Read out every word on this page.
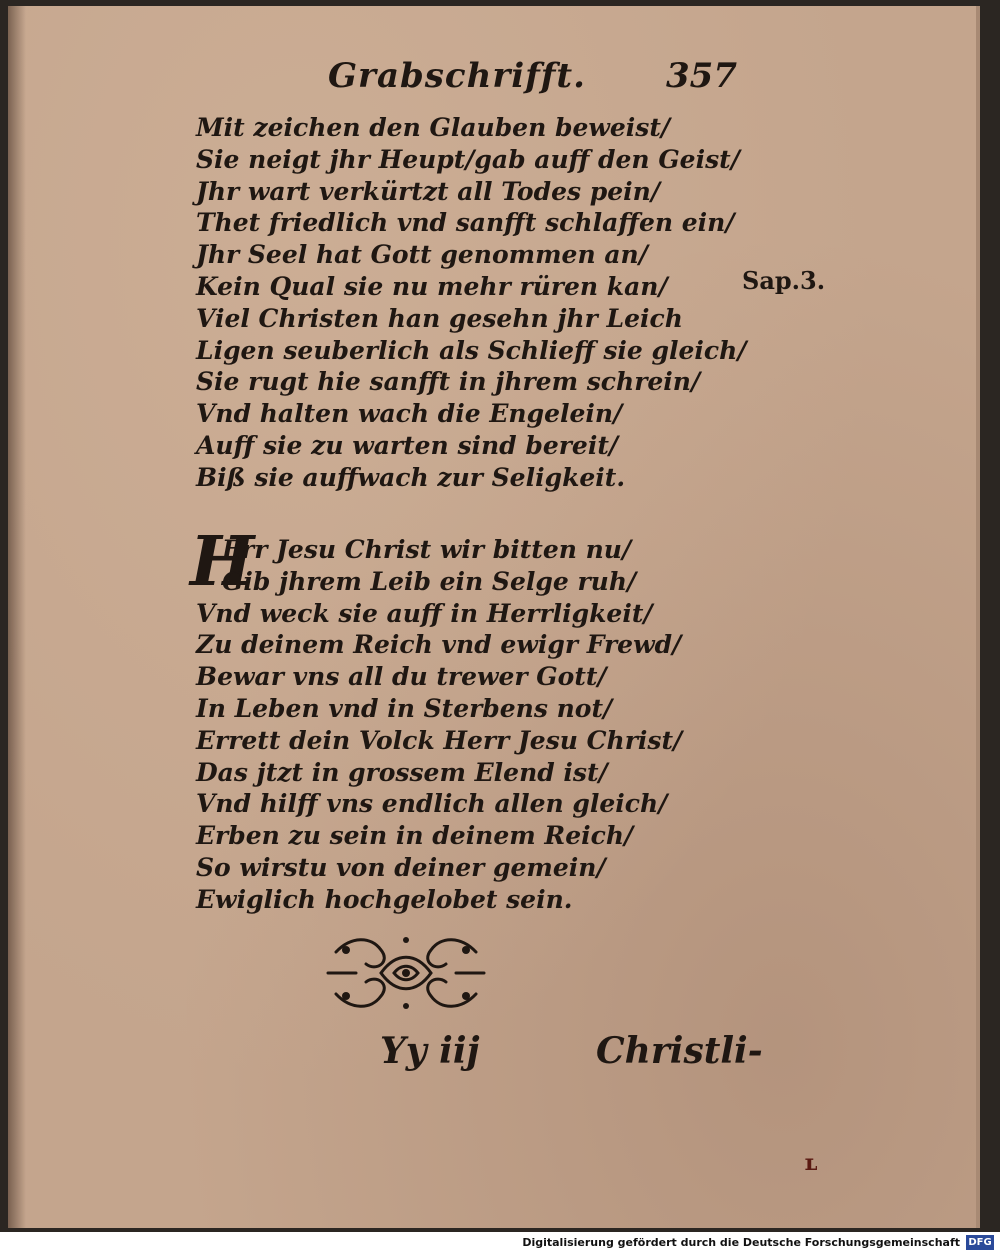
Grabschrifft. 357
Sap.3.
Mit zeichen den Glauben beweist/
Sie neigt jhr Heupt/gab auff den Geist/
Jhr wart verkürtzt all Todes pein/
Thet friedlich vnd sanfft schlaffen ein/
Jhr Seel hat Gott genommen an/
Kein Qual sie nu mehr rüren kan/
Viel Christen han gesehn jhr Leich
Ligen seuberlich als Schlieff sie gleich/
Sie rugt hie sanfft in jhrem schrein/
Vnd halten wach die Engelein/
Auff sie zu warten sind bereit/
Biß sie auffwach zur Seligkeit.
H
Err Jesu Christ wir bitten nu/
Gib jhrem Leib ein Selge ruh/
Vnd weck sie auff in Herrligkeit/
Zu deinem Reich vnd ewigr Frewd/
Bewar vns all du trewer Gott/
In Leben vnd in Sterbens not/
Errett dein Volck Herr Jesu Christ/
Das jtzt in grossem Elend ist/
Vnd hilff vns endlich allen gleich/
Erben zu sein in deinem Reich/
So wirstu von deiner gemein/
Ewiglich hochgelobet sein.
Yy iij	Christli-
ʟ
Digitalisierung gefördert durch die Deutsche Forschungsgemeinschaft DFG
